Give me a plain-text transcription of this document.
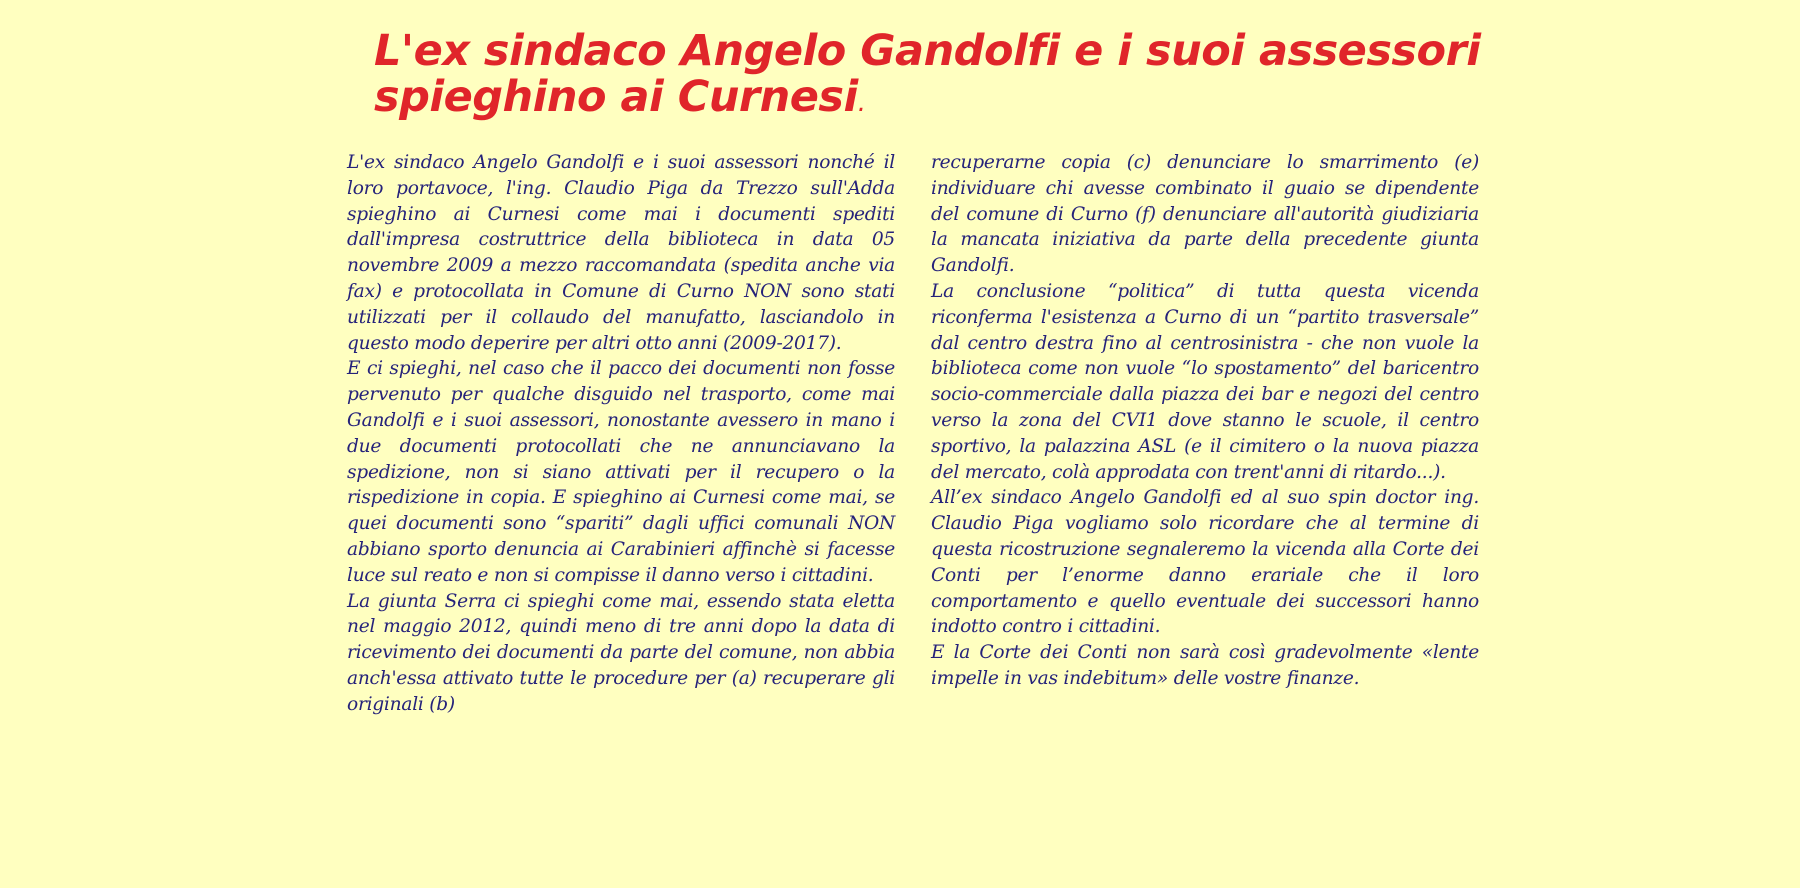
L'ex sindaco Angelo Gandolfi e i suoi assessori
spieghino ai Curnesi.

L'ex sindaco Angelo Gandolfi e i suoi assessori nonché il loro portavoce, l'ing. Claudio Piga da Trezzo sull'Adda spieghino ai Curnesi come mai i documenti spediti dall'impresa costruttrice della biblioteca in data 05 novembre 2009 a mezzo raccomandata (spedita anche via fax) e protocollata in Comune di Curno NON sono stati utilizzati per il collaudo del manufatto, lasciandolo in questo modo deperire per altri otto anni (2009-2017).

E ci spieghi, nel caso che il pacco dei documenti non fosse pervenuto per qualche disguido nel trasporto, come mai Gandolfi e i suoi assessori, nonostante avessero in mano i due documenti protocollati che ne annunciavano la spedizione, non si siano attivati per il recupero o la rispedizione in copia. E spieghino ai Curnesi come mai, se quei documenti sono “spariti” dagli uffici comunali NON abbiano sporto denuncia ai Carabinieri affinchè si facesse luce sul reato e non si compisse il danno verso i cittadini.

La giunta Serra ci spieghi come mai, essendo stata eletta nel maggio 2012, quindi meno di tre anni dopo la data di ricevimento dei documenti da parte del comune, non abbia anch'essa attivato tutte le procedure per (a) recuperare gli originali (b)

recuperarne copia (c) denunciare lo smarrimento (e) individuare chi avesse combinato il guaio se dipendente del comune di Curno (f) denunciare all'autorità giudiziaria la mancata iniziativa da parte della precedente giunta Gandolfi.

La conclusione “politica” di tutta questa vicenda riconferma l'esistenza a Curno di un “partito trasversale” dal centro destra fino al centrosinistra - che non vuole la biblioteca come non vuole “lo spostamento” del baricentro socio-commerciale dalla piazza dei bar e negozi del centro verso la zona del CVI1 dove stanno le scuole, il centro sportivo, la palazzina ASL (e il cimitero o la nuova piazza del mercato, colà approdata con trent'anni di ritardo...).

All’ex sindaco Angelo Gandolfi ed al suo spin doctor ing. Claudio Piga vogliamo solo ricordare che al termine di questa ricostruzione segnaleremo la vicenda alla Corte dei Conti per l’enorme danno erariale che il loro comportamento e quello eventuale dei successori hanno indotto contro i cittadini.

E la Corte dei Conti non sarà così gradevolmente «lente impelle in vas indebitum» delle vostre finanze.
